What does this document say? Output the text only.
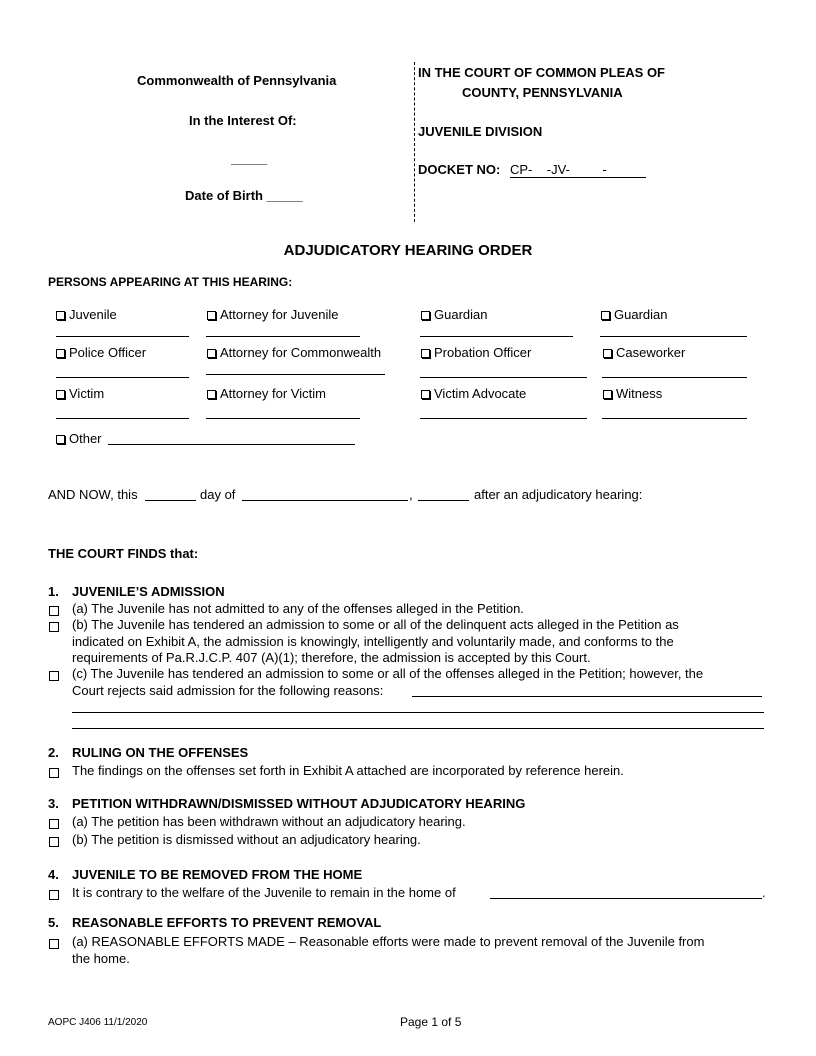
Commonwealth of Pennsylvania
In the Interest Of:
_____
Date of Birth _____
IN THE COURT OF COMMON PLEAS OF
COUNTY, PENNSYLVANIA
JUVENILE DIVISION
DOCKET NO: CP-    -JV-         -
ADJUDICATORY HEARING ORDER
PERSONS APPEARING AT THIS HEARING:
Juvenile	Attorney for Juvenile	Guardian	Guardian
Police Officer	Attorney for Commonwealth	Probation Officer	Caseworker
Victim	Attorney for Victim	Victim Advocate	Witness
Other
AND NOW, this	day of	,	after an adjudicatory hearing:
THE COURT FINDS that:
1. JUVENILE’S ADMISSION
(a) The Juvenile has not admitted to any of the offenses alleged in the Petition.
(b) The Juvenile has tendered an admission to some or all of the delinquent acts alleged in the Petition as
indicated on Exhibit A, the admission is knowingly, intelligently and voluntarily made, and conforms to the
requirements of Pa.R.J.C.P. 407 (A)(1); therefore, the admission is accepted by this Court.
(c) The Juvenile has tendered an admission to some or all of the offenses alleged in the Petition; however, the
Court rejects said admission for the following reasons:
2. RULING ON THE OFFENSES
The findings on the offenses set forth in Exhibit A attached are incorporated by reference herein.
3. PETITION WITHDRAWN/DISMISSED WITHOUT ADJUDICATORY HEARING
(a) The petition has been withdrawn without an adjudicatory hearing.
(b) The petition is dismissed without an adjudicatory hearing.
4. JUVENILE TO BE REMOVED FROM THE HOME
It is contrary to the welfare of the Juvenile to remain in the home of	.
5. REASONABLE EFFORTS TO PREVENT REMOVAL
(a) REASONABLE EFFORTS MADE – Reasonable efforts were made to prevent removal of the Juvenile from
the home.
AOPC J406 11/1/2020	Page 1 of 5
